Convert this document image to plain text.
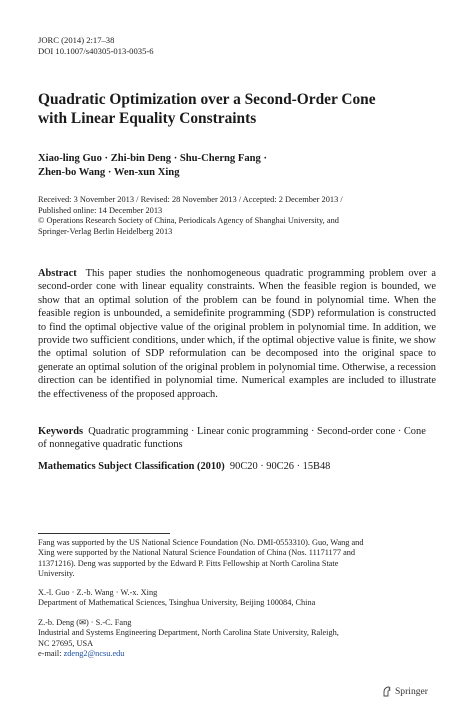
JORC (2014) 2:17–38
DOI 10.1007/s40305-013-0035-6
Quadratic Optimization over a Second-Order Cone
with Linear Equality Constraints
Xiao-ling Guo · Zhi-bin Deng · Shu-Cherng Fang ·
Zhen-bo Wang · Wen-xun Xing
Received: 3 November 2013 / Revised: 28 November 2013 / Accepted: 2 December 2013 /
Published online: 14 December 2013
© Operations Research Society of China, Periodicals Agency of Shanghai University, and
Springer-Verlag Berlin Heidelberg 2013
Abstract This paper studies the nonhomogeneous quadratic programming problem over a second-order cone with linear equality constraints. When the feasible region is bounded, we show that an optimal solution of the problem can be found in polynomial time. When the feasible region is unbounded, a semidefinite programming (SDP) reformulation is constructed to find the optimal objective value of the original problem in polynomial time. In addition, we provide two sufficient conditions, under which, if the optimal objective value is finite, we show the optimal solution of SDP reformulation can be decomposed into the original space to generate an optimal solution of the original problem in polynomial time. Otherwise, a recession direction can be identified in polynomial time. Numerical examples are included to illustrate the effectiveness of the proposed approach.
Keywords Quadratic programming · Linear conic programming · Second-order cone · Cone of nonnegative quadratic functions
Mathematics Subject Classification (2010) 90C20 · 90C26 · 15B48
Fang was supported by the US National Science Foundation (No. DMI-0553310). Guo, Wang and
Xing were supported by the National Natural Science Foundation of China (Nos. 11171177 and
11371216). Deng was supported by the Edward P. Fitts Fellowship at North Carolina State
University.
X.-l. Guo · Z.-b. Wang · W.-x. Xing
Department of Mathematical Sciences, Tsinghua University, Beijing 100084, China
Z.-b. Deng (✉) · S.-C. Fang
Industrial and Systems Engineering Department, North Carolina State University, Raleigh,
NC 27695, USA
e-mail: zdeng2@ncsu.edu
Springer
